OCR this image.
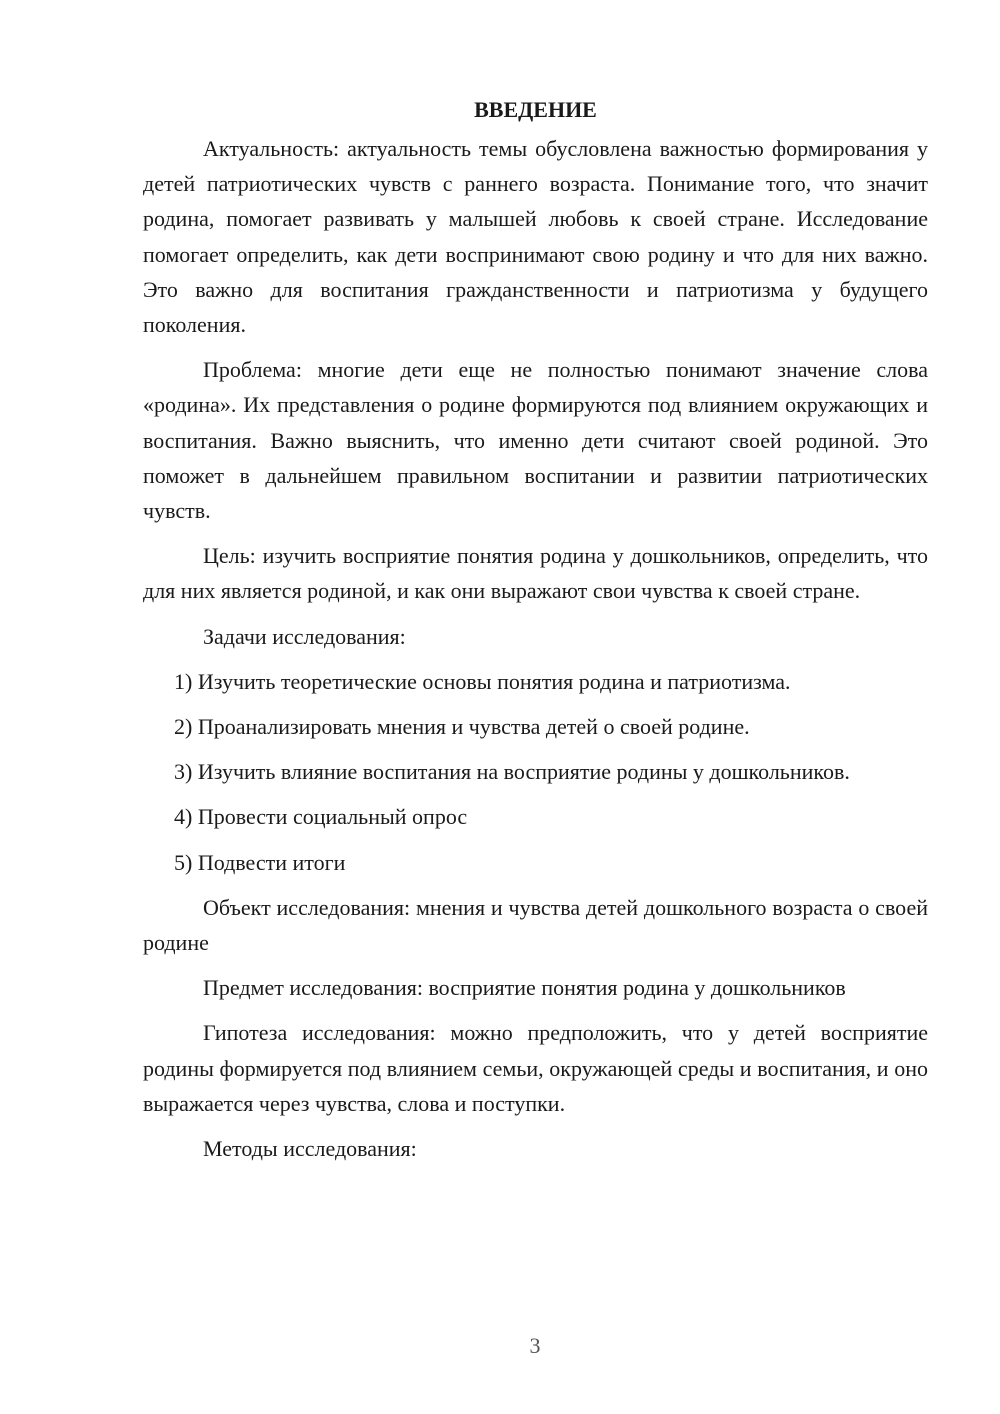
ВВЕДЕНИЕ

Актуальность: актуальность темы обусловлена важностью формирования у детей патриотических чувств с раннего возраста. Понимание того, что значит родина, помогает развивать у малышей любовь к своей стране. Исследование помогает определить, как дети воспринимают свою родину и что для них важно. Это важно для воспитания гражданственности и патриотизма у будущего поколения.

Проблема: многие дети еще не полностью понимают значение слова «родина». Их представления о родине формируются под влиянием окружающих и воспитания. Важно выяснить, что именно дети считают своей родиной. Это поможет в дальнейшем правильном воспитании и развитии патриотических чувств.

Цель: изучить восприятие понятия родина у дошкольников, определить, что для них является родиной, и как они выражают свои чувства к своей стране.

Задачи исследования:

1) Изучить теоретические основы понятия родина и патриотизма.

2) Проанализировать мнения и чувства детей о своей родине.

3) Изучить влияние воспитания на восприятие родины у дошкольников.

4) Провести социальный опрос

5) Подвести итоги

Объект исследования: мнения и чувства детей дошкольного возраста о своей родине

Предмет исследования: восприятие понятия родина у дошкольников

Гипотеза исследования: можно предположить, что у детей восприятие родины формируется под влиянием семьи, окружающей среды и воспитания, и оно выражается через чувства, слова и поступки.

Методы исследования:

3
